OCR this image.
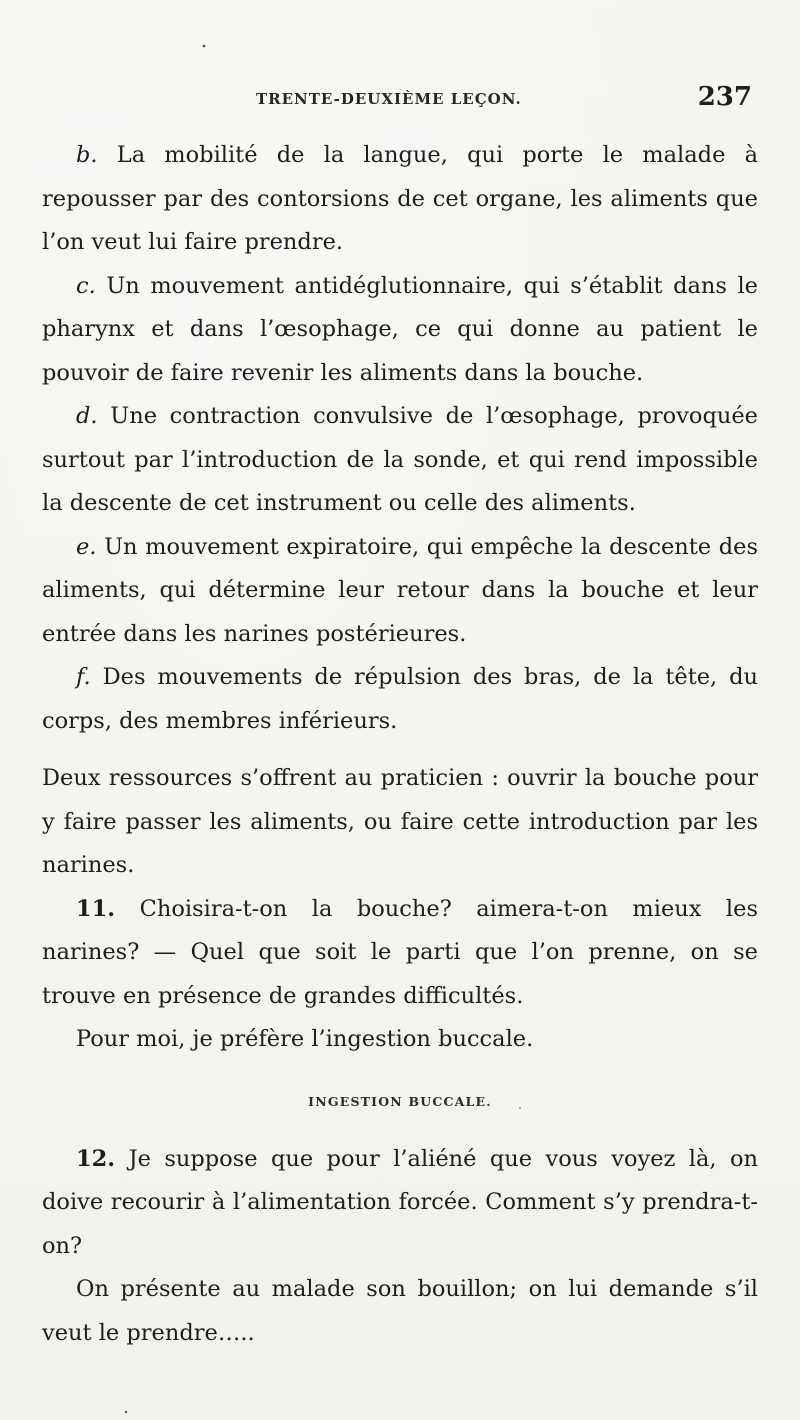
TRENTE-DEUXIÈME LEÇON.	237

b. La mobilité de la langue, qui porte le malade à repousser par des contorsions de cet organe, les aliments que l’on veut lui faire prendre.

c. Un mouvement antidéglutionnaire, qui s’établit dans le pharynx et dans l’œsophage, ce qui donne au patient le pouvoir de faire revenir les aliments dans la bouche.

d. Une contraction convulsive de l’œsophage, provoquée surtout par l’introduction de la sonde, et qui rend impossible la descente de cet instrument ou celle des aliments.

e. Un mouvement expiratoire, qui empêche la descente des aliments, qui détermine leur retour dans la bouche et leur entrée dans les narines postérieures.

f. Des mouvements de répulsion des bras, de la tête, du corps, des membres inférieurs.

Deux ressources s’offrent au praticien : ouvrir la bouche pour y faire passer les aliments, ou faire cette introduction par les narines.

11. Choisira-t-on la bouche? aimera-t-on mieux les narines? — Quel que soit le parti que l’on prenne, on se trouve en présence de grandes difficultés.

Pour moi, je préfère l’ingestion buccale.

INGESTION BUCCALE.

12. Je suppose que pour l’aliéné que vous voyez là, on doive recourir à l’alimentation forcée. Comment s’y prendra-t-on?

On présente au malade son bouillon; on lui demande s’il veut le prendre…..
